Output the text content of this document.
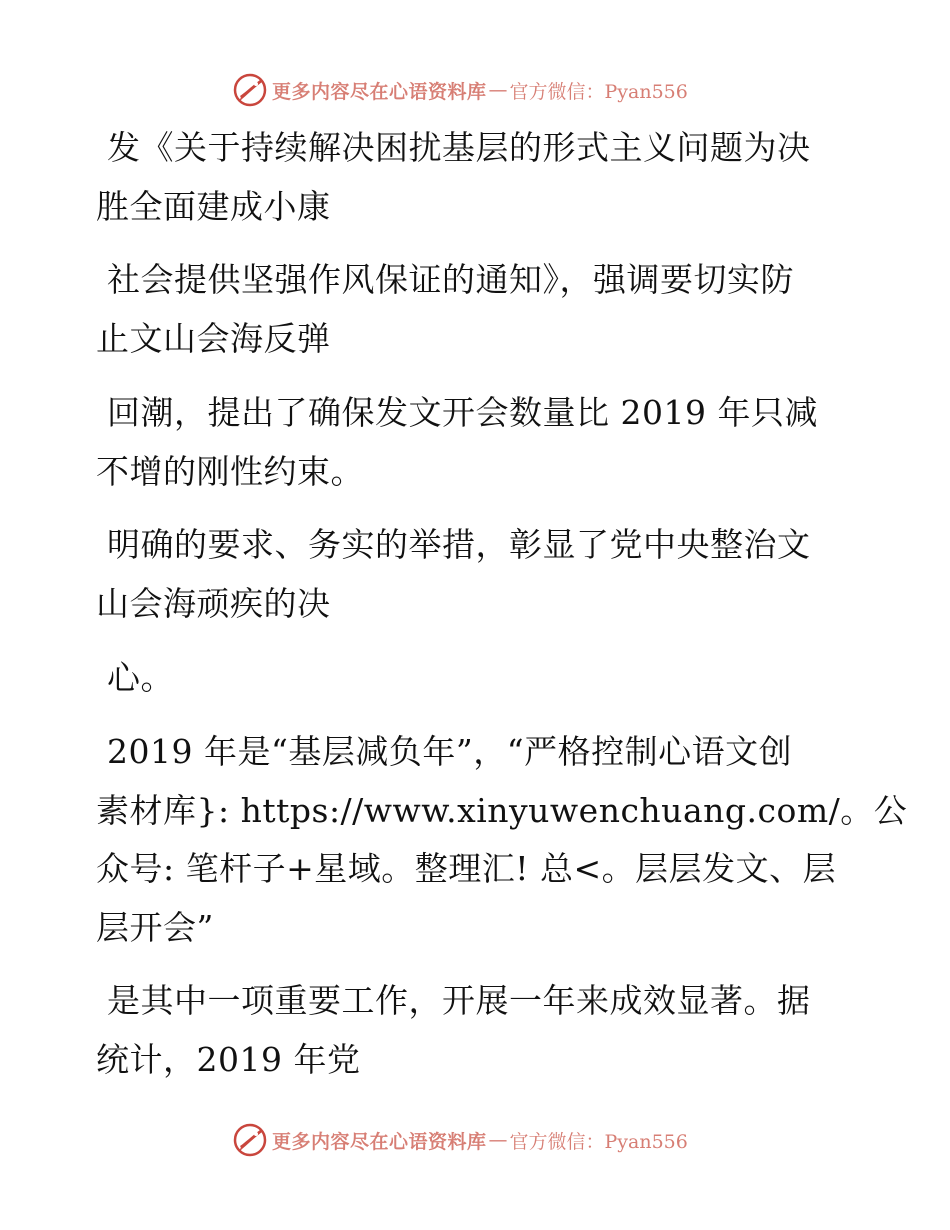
更多内容尽在心语资料库 — 官方微信：Pyan556
发《关于持续解决困扰基层的形式主义问题为决
胜全面建成小康
社会提供坚强作风保证的通知》，强调要切实防
止文山会海反弹
回潮，提出了确保发文开会数量比 2019 年只减
不增的刚性约束。
明确的要求、务实的举措，彰显了党中央整治文
山会海顽疾的决
心。
2019 年是“基层减负年”，“严格控制心语文创
素材库}: https://www.xinyuwenchuang.com/。公
众号: 笔杆子+星域。整理汇! 总<。层层发文、层
层开会”
是其中一项重要工作，开展一年来成效显著。据
统计，2019 年党
更多内容尽在心语资料库 — 官方微信：Pyan556
